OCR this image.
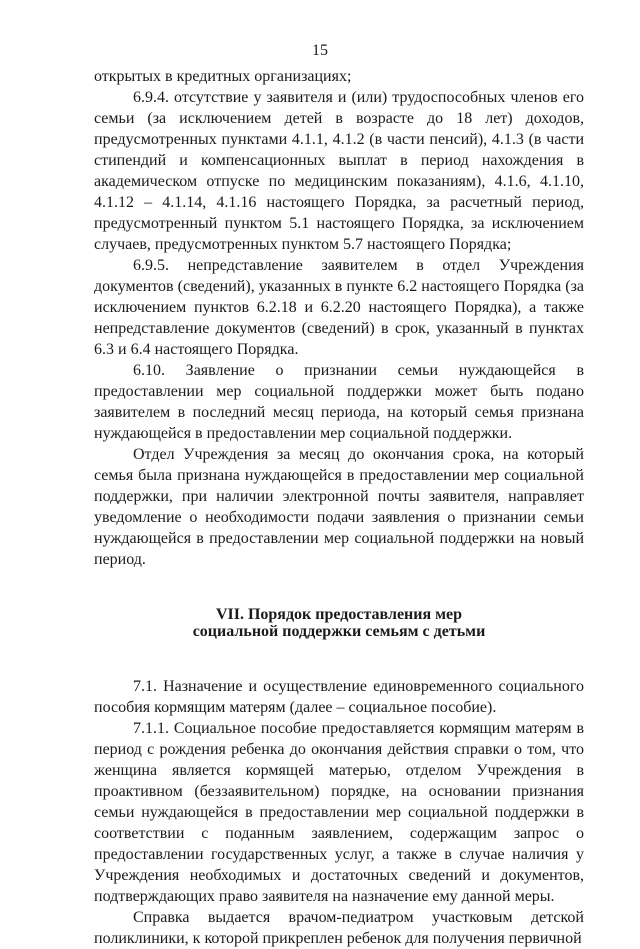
15

открытых в кредитных организациях;

6.9.4. отсутствие у заявителя и (или) трудоспособных членов его семьи (за исключением детей в возрасте до 18 лет) доходов, предусмотренных пунктами 4.1.1, 4.1.2 (в части пенсий), 4.1.3 (в части стипендий и компенсационных выплат в период нахождения в академическом отпуске по медицинским показаниям), 4.1.6, 4.1.10, 4.1.12 – 4.1.14, 4.1.16 настоящего Порядка, за расчетный период, предусмотренный пунктом 5.1 настоящего Порядка, за исключением случаев, предусмотренных пунктом 5.7 настоящего Порядка;

6.9.5. непредставление заявителем в отдел Учреждения документов (сведений), указанных в пункте 6.2 настоящего Порядка (за исключением пунктов 6.2.18 и 6.2.20 настоящего Порядка), а также непредставление документов (сведений) в срок, указанный в пунктах 6.3 и 6.4 настоящего Порядка.

6.10. Заявление о признании семьи нуждающейся в предоставлении мер социальной поддержки может быть подано заявителем в последний месяц периода, на который семья признана нуждающейся в предоставлении мер социальной поддержки.

Отдел Учреждения за месяц до окончания срока, на который семья была признана нуждающейся в предоставлении мер социальной поддержки, при наличии электронной почты заявителя, направляет уведомление о необходимости подачи заявления о признании семьи нуждающейся в предоставлении мер социальной поддержки на новый период.

VII. Порядок предоставления мер
социальной поддержки семьям с детьми

7.1. Назначение и осуществление единовременного социального пособия кормящим матерям (далее – социальное пособие).

7.1.1. Социальное пособие предоставляется кормящим матерям в период с рождения ребенка до окончания действия справки о том, что женщина является кормящей матерью, отделом Учреждения в проактивном (беззаявительном) порядке, на основании признания семьи нуждающейся в предоставлении мер социальной поддержки в соответствии с поданным заявлением, содержащим запрос о предоставлении государственных услуг, а также в случае наличия у Учреждения необходимых и достаточных сведений и документов, подтверждающих право заявителя на назначение ему данной меры.

Справка выдается врачом-педиатром участковым детской поликлиники, к которой прикреплен ребенок для получения первичной
